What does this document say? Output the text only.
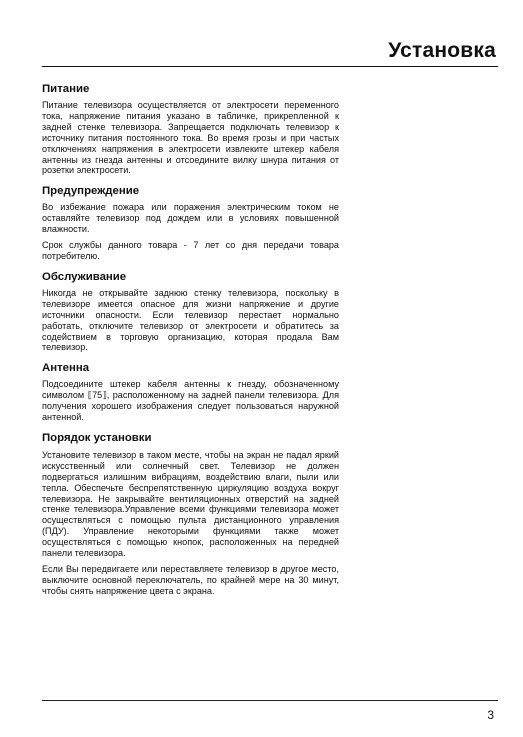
Установка
Питание

Питание телевизора осуществляется от электросети переменного тока, напряжение питания указано в табличке, прикрепленной к задней стенке телевизора. Запрещается подключать телевизор к источнику питания постоянного тока. Во время грозы и при частых отключениях напряжения в электросети извлеките штекер кабеля антенны из гнезда антенны и отсоедините вилку шнура питания от розетки электросети.

Предупреждение

Во избежание пожара или поражения электрическим током не оставляйте телевизор под дождем или в условиях повышенной влажности.

Срок службы данного товара - 7 лет со дня передачи товара потребителю.

Обслуживание

Никогда не открывайте заднюю стенку телевизора, поскольку в телевизоре имеется опасное для жизни напряжение и другие источники опасности. Если телевизор перестает нормально работать, отключите телевизор от электросети и обратитесь за содействием в торговую организацию, которая продала Вам телевизор.

Антенна

Подсоедините штекер кабеля антенны к гнезду, обозначенному символом ⟦75⟧, расположенному на задней панели телевизора. Для получения хорошего изображения следует пользоваться наружной антенной.

Порядок установки

Установите телевизор в таком месте, чтобы на экран не падал яркий искусственный или солнечный свет. Телевизор не должен подвергаться излишним вибрациям, воздействию влаги, пыли или тепла. Обеспечьте беспрепятственную циркуляцию воздуха вокруг телевизора. Не закрывайте вентиляционных отверстий на задней стенке телевизора.Управление всеми функциями телевизора может осуществляться с помощью пульта дистанционного управления (ПДУ). Управление некоторыми функциями также может осуществляться с помощью кнопок, расположенных на передней панели телевизора.

Если Вы передвигаете или переставляете телевизор в другое место, выключите основной переключатель, по крайней мере на 30 минут, чтобы снять напряжение цвета с экрана.

3
